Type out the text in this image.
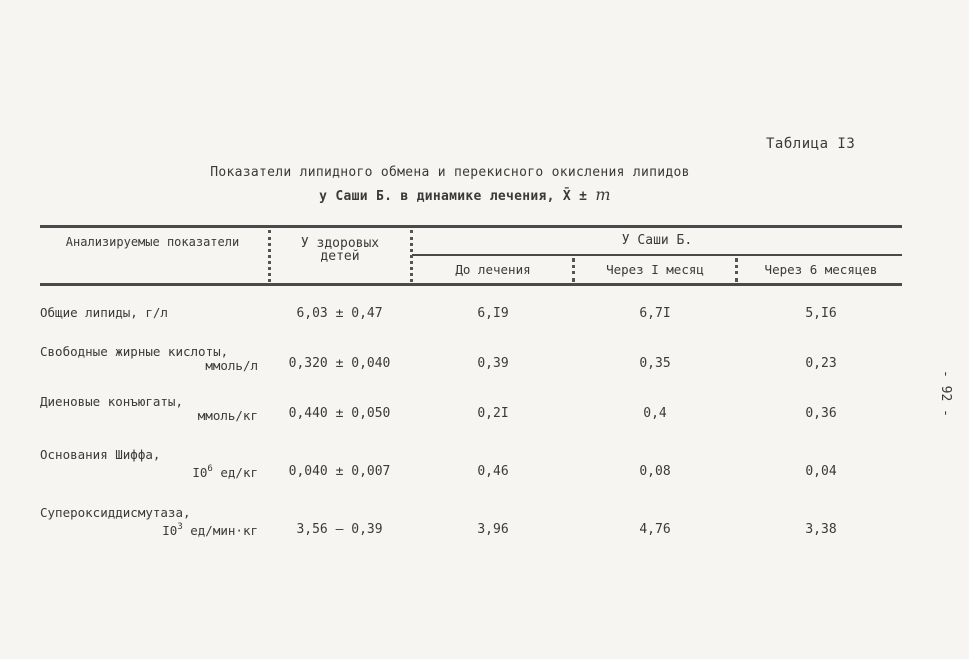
Таблица I3
Показатели липидного обмена и перекисного окисления липидов
у Саши Б. в динамике лечения, X̄ ± m
Анализируемые показатели	У здоровых детей
У Саши Б.
До лечения	Через I месяц	Через 6 месяцев
Общие липиды, г/л	6,03 ± 0,47	6,I9	6,7I	5,I6
Свободные жирные кислоты,
ммоль/л	0,320 ± 0,040	0,39	0,35	0,23
Диеновые конъюгаты,
ммоль/кг	0,440 ± 0,050	0,2I	0,4	0,36
Основания Шиффа,
$I0^6$ ед/кг	0,040 ± 0,007	0,46	0,08	0,04
Супероксиддисмутаза,
$I0^3$ ед/мин·кг	3,56 – 0,39	3,96	4,76	3,38
- 92 -
